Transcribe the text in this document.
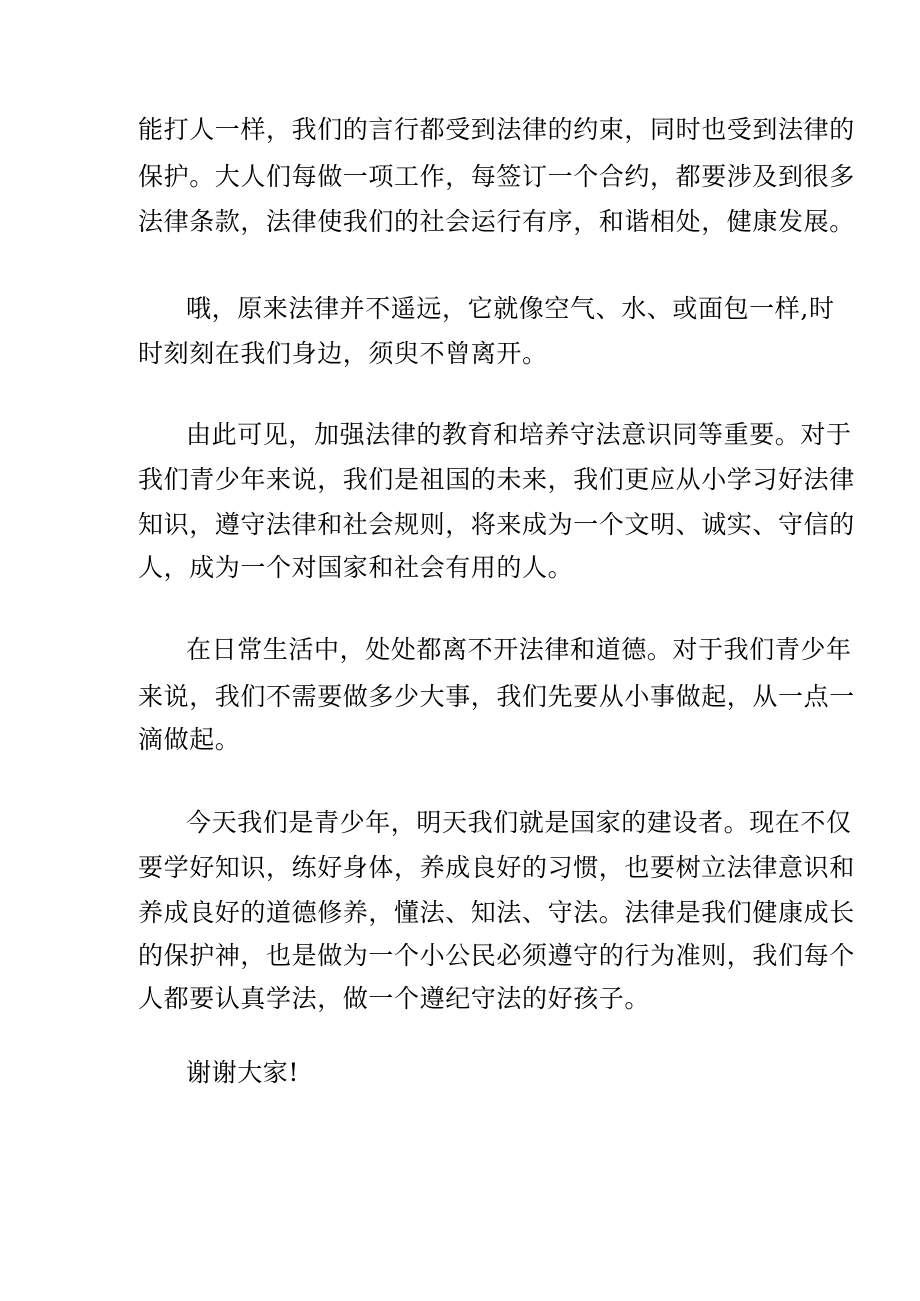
能打人一样，我们的言行都受到法律的约束，同时也受到法律的

保护。大人们每做一项工作，每签订一个合约，都要涉及到很多

法律条款，法律使我们的社会运行有序，和谐相处，健康发展。

哦，原来法律并不遥远，它就像空气、水、或面包一样,时

时刻刻在我们身边，须臾不曾离开。

由此可见，加强法律的教育和培养守法意识同等重要。对于

我们青少年来说，我们是祖国的未来，我们更应从小学习好法律

知识，遵守法律和社会规则，将来成为一个文明、诚实、守信的

人，成为一个对国家和社会有用的人。

在日常生活中，处处都离不开法律和道德。对于我们青少年

来说，我们不需要做多少大事，我们先要从小事做起，从一点一

滴做起。

今天我们是青少年，明天我们就是国家的建设者。现在不仅

要学好知识，练好身体，养成良好的习惯，也要树立法律意识和

养成良好的道德修养，懂法、知法、守法。法律是我们健康成长

的保护神，也是做为一个小公民必须遵守的行为准则，我们每个

人都要认真学法，做一个遵纪守法的好孩子。

谢谢大家!
